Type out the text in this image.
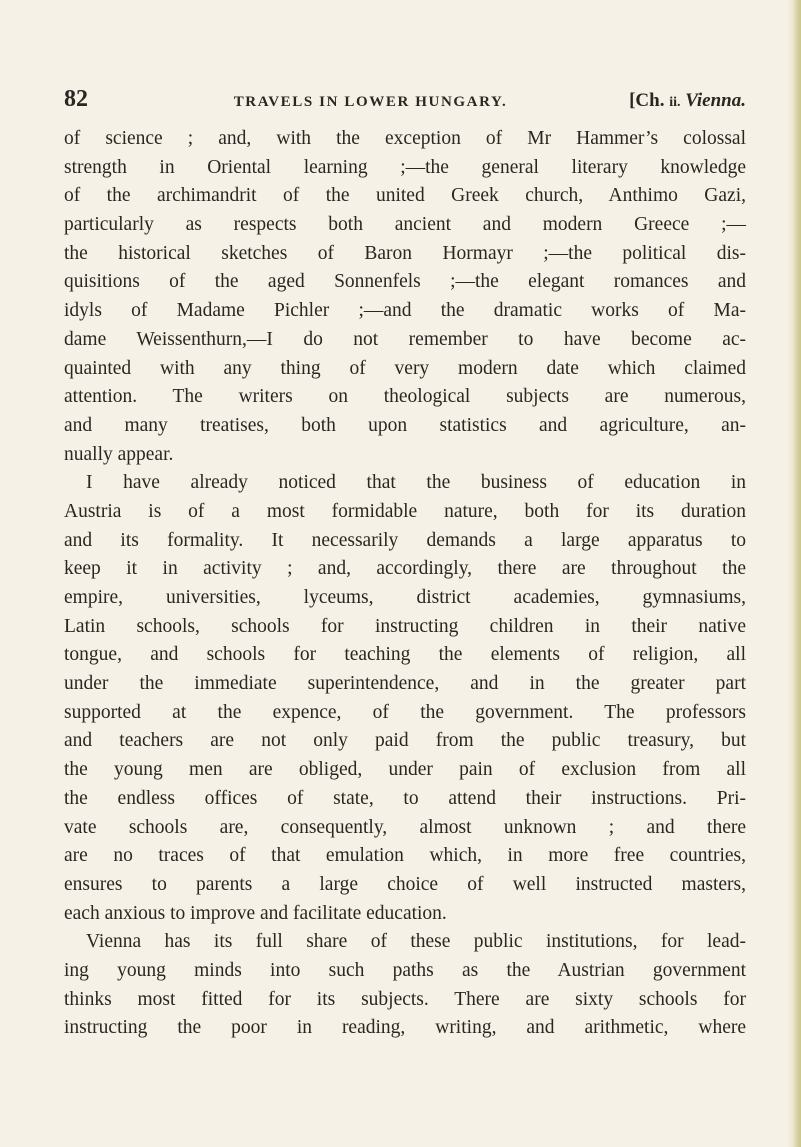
82	TRAVELS IN LOWER HUNGARY.	[Ch. ii. Vienna.
of science ; and, with the exception of Mr Hammer’s colossal
strength in Oriental learning ;—the general literary knowledge
of the archimandrit of the united Greek church, Anthimo Gazi,
particularly as respects both ancient and modern Greece ;—
the historical sketches of Baron Hormayr ;—the political dis-
quisitions of the aged Sonnenfels ;—the elegant romances and
idyls of Madame Pichler ;—and the dramatic works of Ma-
dame Weissenthurn,—I do not remember to have become ac-
quainted with any thing of very modern date which claimed
attention. The writers on theological subjects are numerous,
and many treatises, both upon statistics and agriculture, an-
nually appear.
I have already noticed that the business of education in
Austria is of a most formidable nature, both for its duration
and its formality. It necessarily demands a large apparatus to
keep it in activity ; and, accordingly, there are throughout the
empire, universities, lyceums, district academies, gymnasiums,
Latin schools, schools for instructing children in their native
tongue, and schools for teaching the elements of religion, all
under the immediate superintendence, and in the greater part
supported at the expence, of the government. The professors
and teachers are not only paid from the public treasury, but
the young men are obliged, under pain of exclusion from all
the endless offices of state, to attend their instructions. Pri-
vate schools are, consequently, almost unknown ; and there
are no traces of that emulation which, in more free countries,
ensures to parents a large choice of well instructed masters,
each anxious to improve and facilitate education.
Vienna has its full share of these public institutions, for lead-
ing young minds into such paths as the Austrian government
thinks most fitted for its subjects. There are sixty schools for
instructing the poor in reading, writing, and arithmetic, where
